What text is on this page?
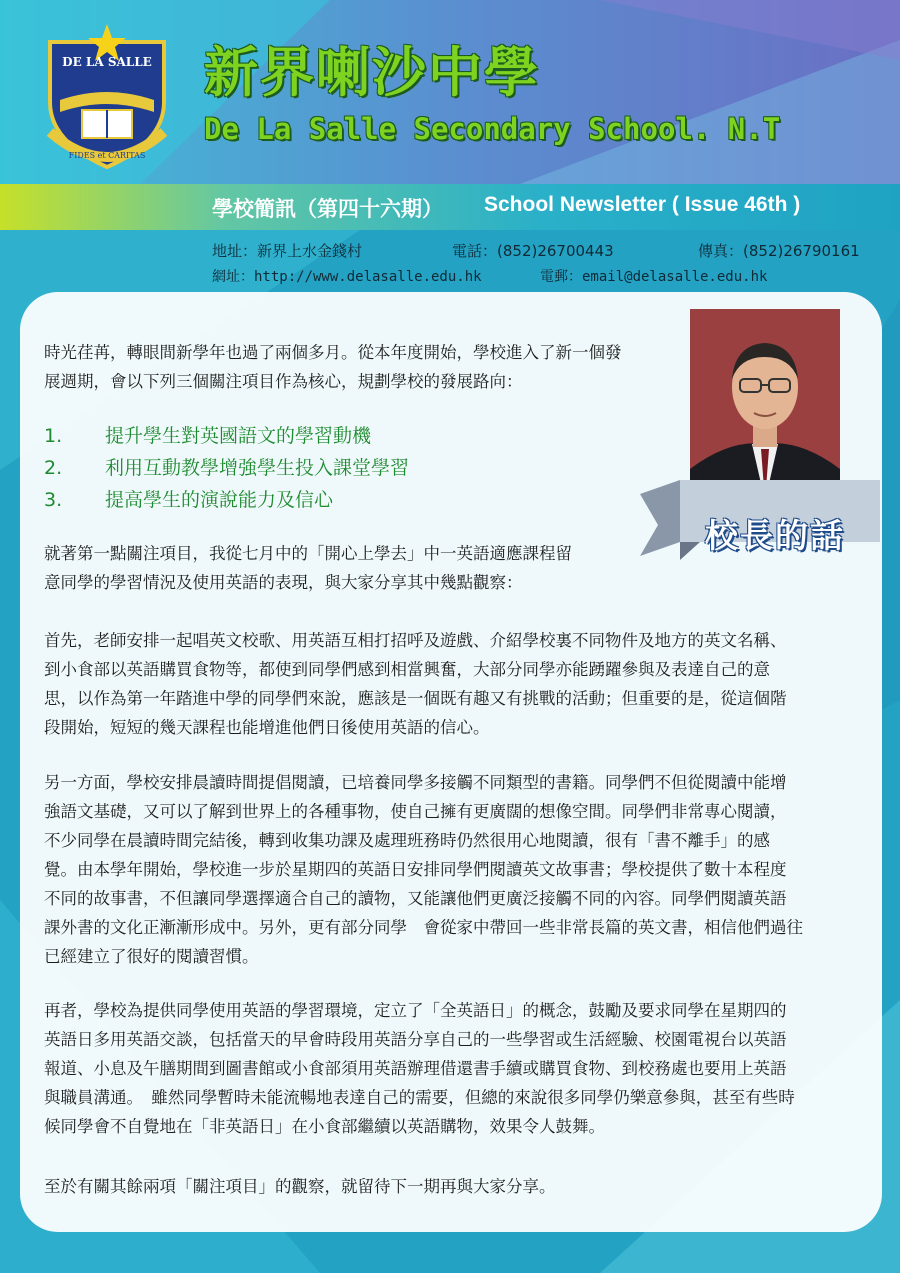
DE LA SALLE
FIDES et CARITAS
新界喇沙中學
De La Salle Secondary School. N.T
學校簡訊（第四十六期） School Newsletter ( Issue 46th )
地址：新界上水金錢村	電話：(852)26700443	傳真：(852)26790161
網址：http://www.delasalle.edu.hk	電郵：email@delasalle.edu.hk
校長的話
時光荏苒，轉眼間新學年也過了兩個多月。從本年度開始，學校進入了新一個發
展週期，會以下列三個關注項目作為核心，規劃學校的發展路向：
1.	提升學生對英國語文的學習動機
2.	利用互動教學增強學生投入課堂學習
3.	提高學生的演說能力及信心
就著第一點關注項目，我從七月中的「開心上學去」中一英語適應課程留
意同學的學習情況及使用英語的表現，與大家分享其中幾點觀察：
首先，老師安排一起唱英文校歌、用英語互相打招呼及遊戲、介紹學校裏不同物件及地方的英文名稱、
到小食部以英語購買食物等，都使到同學們感到相當興奮，大部分同學亦能踴躍參與及表達自己的意
思，以作為第一年踏進中學的同學們來說，應該是一個既有趣又有挑戰的活動；但重要的是，從這個階
段開始，短短的幾天課程也能增進他們日後使用英語的信心。
另一方面，學校安排晨讀時間提倡閱讀，已培養同學多接觸不同類型的書籍。同學們不但從閱讀中能增
強語文基礎，又可以了解到世界上的各種事物，使自己擁有更廣闊的想像空間。同學們非常專心閱讀，
不少同學在晨讀時間完結後，轉到收集功課及處理班務時仍然很用心地閱讀，很有「書不離手」的感
覺。由本學年開始，學校進一步於星期四的英語日安排同學們閱讀英文故事書；學校提供了數十本程度
不同的故事書，不但讓同學選擇適合自己的讀物，又能讓他們更廣泛接觸不同的內容。同學們閱讀英語
課外書的文化正漸漸形成中。另外，更有部分同學　會從家中帶回一些非常長篇的英文書，相信他們過往
已經建立了很好的閱讀習慣。
再者，學校為提供同學使用英語的學習環境，定立了「全英語日」的概念，鼓勵及要求同學在星期四的
英語日多用英語交談，包括當天的早會時段用英語分享自己的一些學習或生活經驗、校園電視台以英語
報道、小息及午膳期間到圖書館或小食部須用英語辦理借還書手續或購買食物、到校務處也要用上英語
與職員溝通。　雖然同學暫時未能流暢地表達自己的需要，但總的來說很多同學仍樂意參與，甚至有些時
候同學會不自覺地在「非英語日」在小食部繼續以英語購物，效果令人鼓舞。
至於有關其餘兩項「關注項目」的觀察，就留待下一期再與大家分享。
